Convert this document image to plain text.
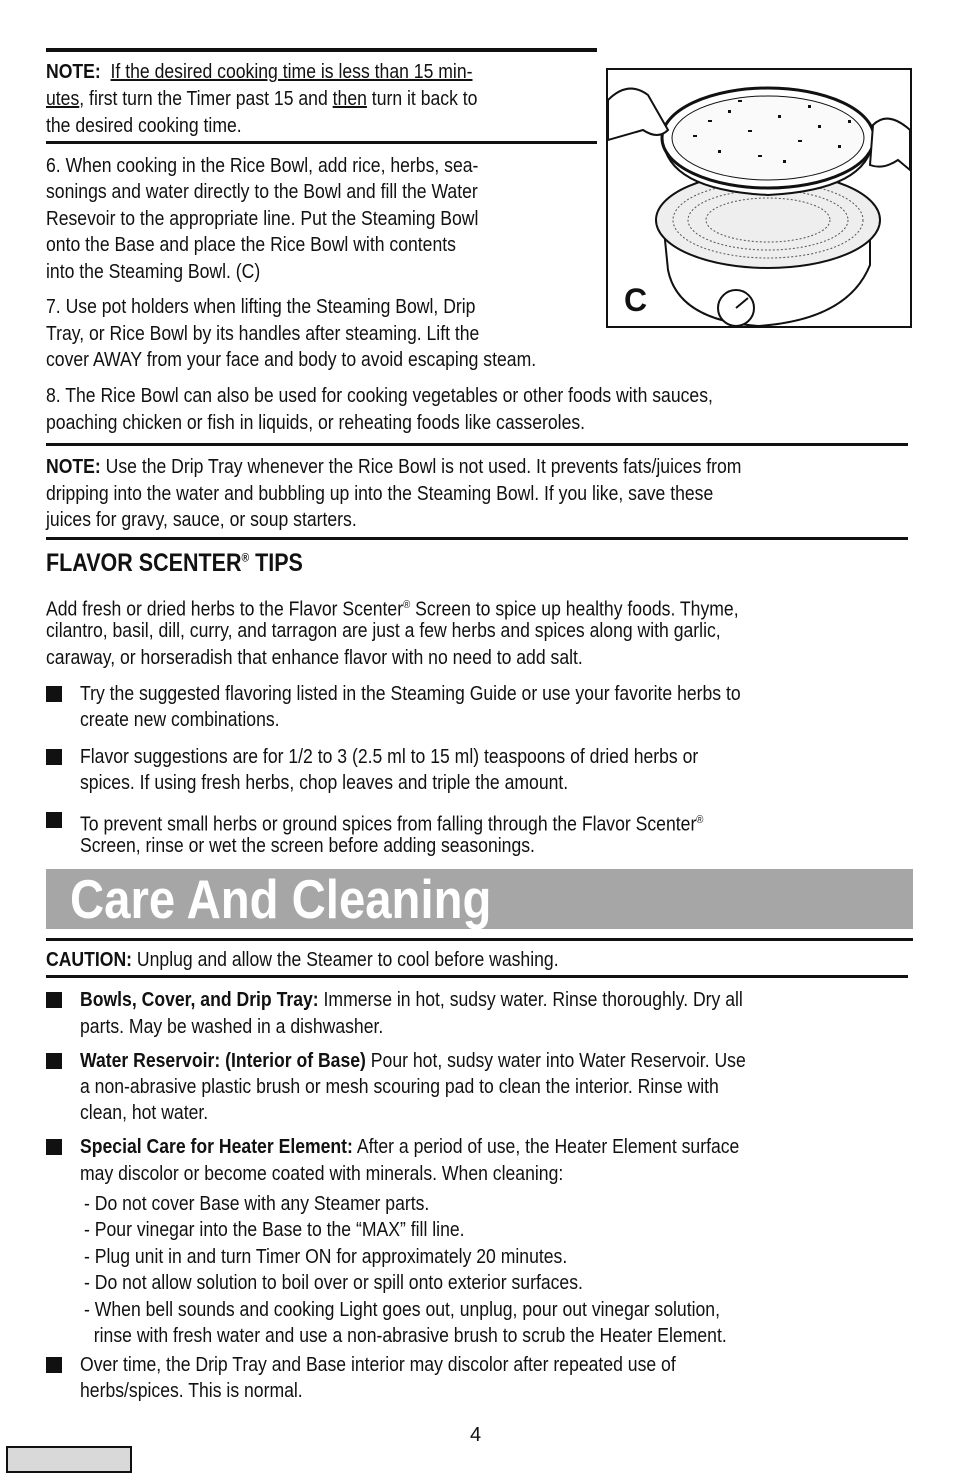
NOTE: If the desired cooking time is less than 15 min-
utes, first turn the Timer past 15 and then turn it back to
the desired cooking time.
6. When cooking in the Rice Bowl, add rice, herbs, sea-
sonings and water directly to the Bowl and fill the Water
Resevoir to the appropriate line. Put the Steaming Bowl
onto the Base and place the Rice Bowl with contents
into the Steaming Bowl. (C)
7. Use pot holders when lifting the Steaming Bowl, Drip
Tray, or Rice Bowl by its handles after steaming. Lift the
cover AWAY from your face and body to avoid escaping steam.
C
8. The Rice Bowl can also be used for cooking vegetables or other foods with sauces,
poaching chicken or fish in liquids, or reheating foods like casseroles.
NOTE: Use the Drip Tray whenever the Rice Bowl is not used. It prevents fats/juices from
dripping into the water and bubbling up into the Steaming Bowl. If you like, save these
juices for gravy, sauce, or soup starters.
FLAVOR SCENTER® TIPS
Add fresh or dried herbs to the Flavor Scenter® Screen to spice up healthy foods. Thyme,
cilantro, basil, dill, curry, and tarragon are just a few herbs and spices along with garlic,
caraway, or horseradish that enhance flavor with no need to add salt.
Try the suggested flavoring listed in the Steaming Guide or use your favorite herbs to
create new combinations.
Flavor suggestions are for 1/2 to 3 (2.5 ml to 15 ml) teaspoons of dried herbs or
spices. If using fresh herbs, chop leaves and triple the amount.
To prevent small herbs or ground spices from falling through the Flavor Scenter®
Screen, rinse or wet the screen before adding seasonings.
Care And Cleaning
CAUTION: Unplug and allow the Steamer to cool before washing.
Bowls, Cover, and Drip Tray: Immerse in hot, sudsy water. Rinse thoroughly. Dry all
parts. May be washed in a dishwasher.
Water Reservoir: (Interior of Base) Pour hot, sudsy water into Water Reservoir. Use
a non-abrasive plastic brush or mesh scouring pad to clean the interior. Rinse with
clean, hot water.
Special Care for Heater Element: After a period of use, the Heater Element surface
may discolor or become coated with minerals. When cleaning:
- Do not cover Base with any Steamer parts.
- Pour vinegar into the Base to the “MAX” fill line.
- Plug unit in and turn Timer ON for approximately 20 minutes.
- Do not allow solution to boil over or spill onto exterior surfaces.
- When bell sounds and cooking Light goes out, unplug, pour out vinegar solution,
rinse with fresh water and use a non-abrasive brush to scrub the Heater Element.
Over time, the Drip Tray and Base interior may discolor after repeated use of
herbs/spices. This is normal.
4
